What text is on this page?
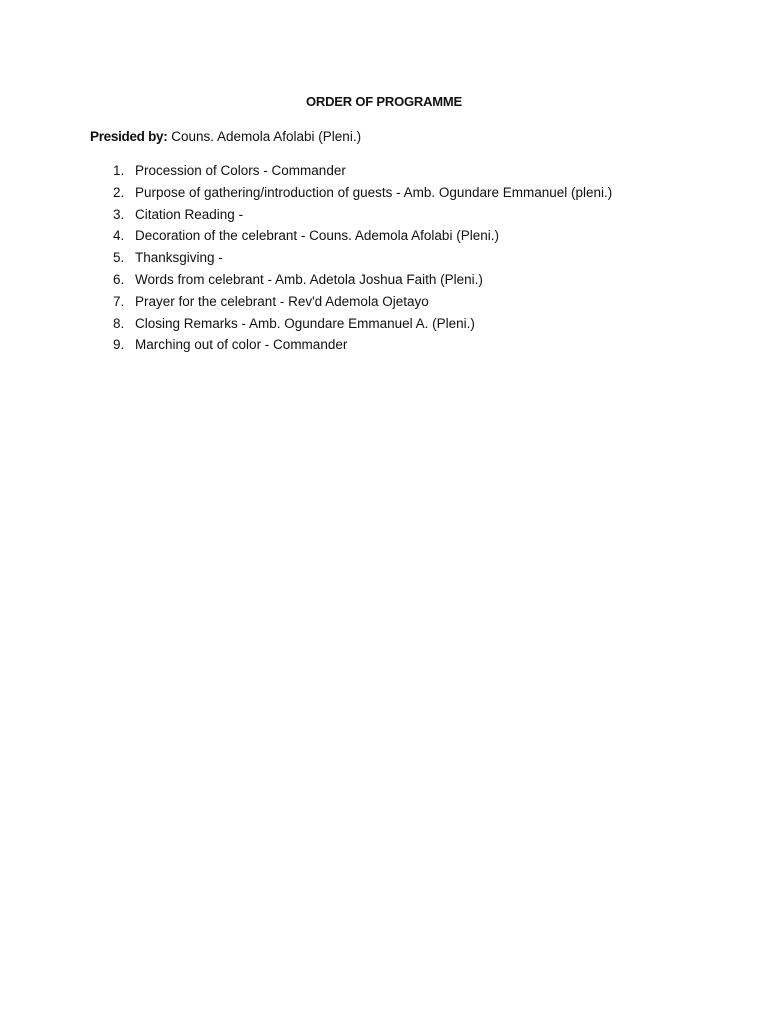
ORDER OF PROGRAMME
Presided by: Couns. Ademola Afolabi (Pleni.)
1. Procession of Colors - Commander
2. Purpose of gathering/introduction of guests - Amb. Ogundare Emmanuel (pleni.)
3. Citation Reading -
4. Decoration of the celebrant - Couns. Ademola Afolabi (Pleni.)
5. Thanksgiving -
6. Words from celebrant - Amb. Adetola Joshua Faith (Pleni.)
7. Prayer for the celebrant - Rev'd Ademola Ojetayo
8. Closing Remarks - Amb. Ogundare Emmanuel A. (Pleni.)
9. Marching out of color - Commander
